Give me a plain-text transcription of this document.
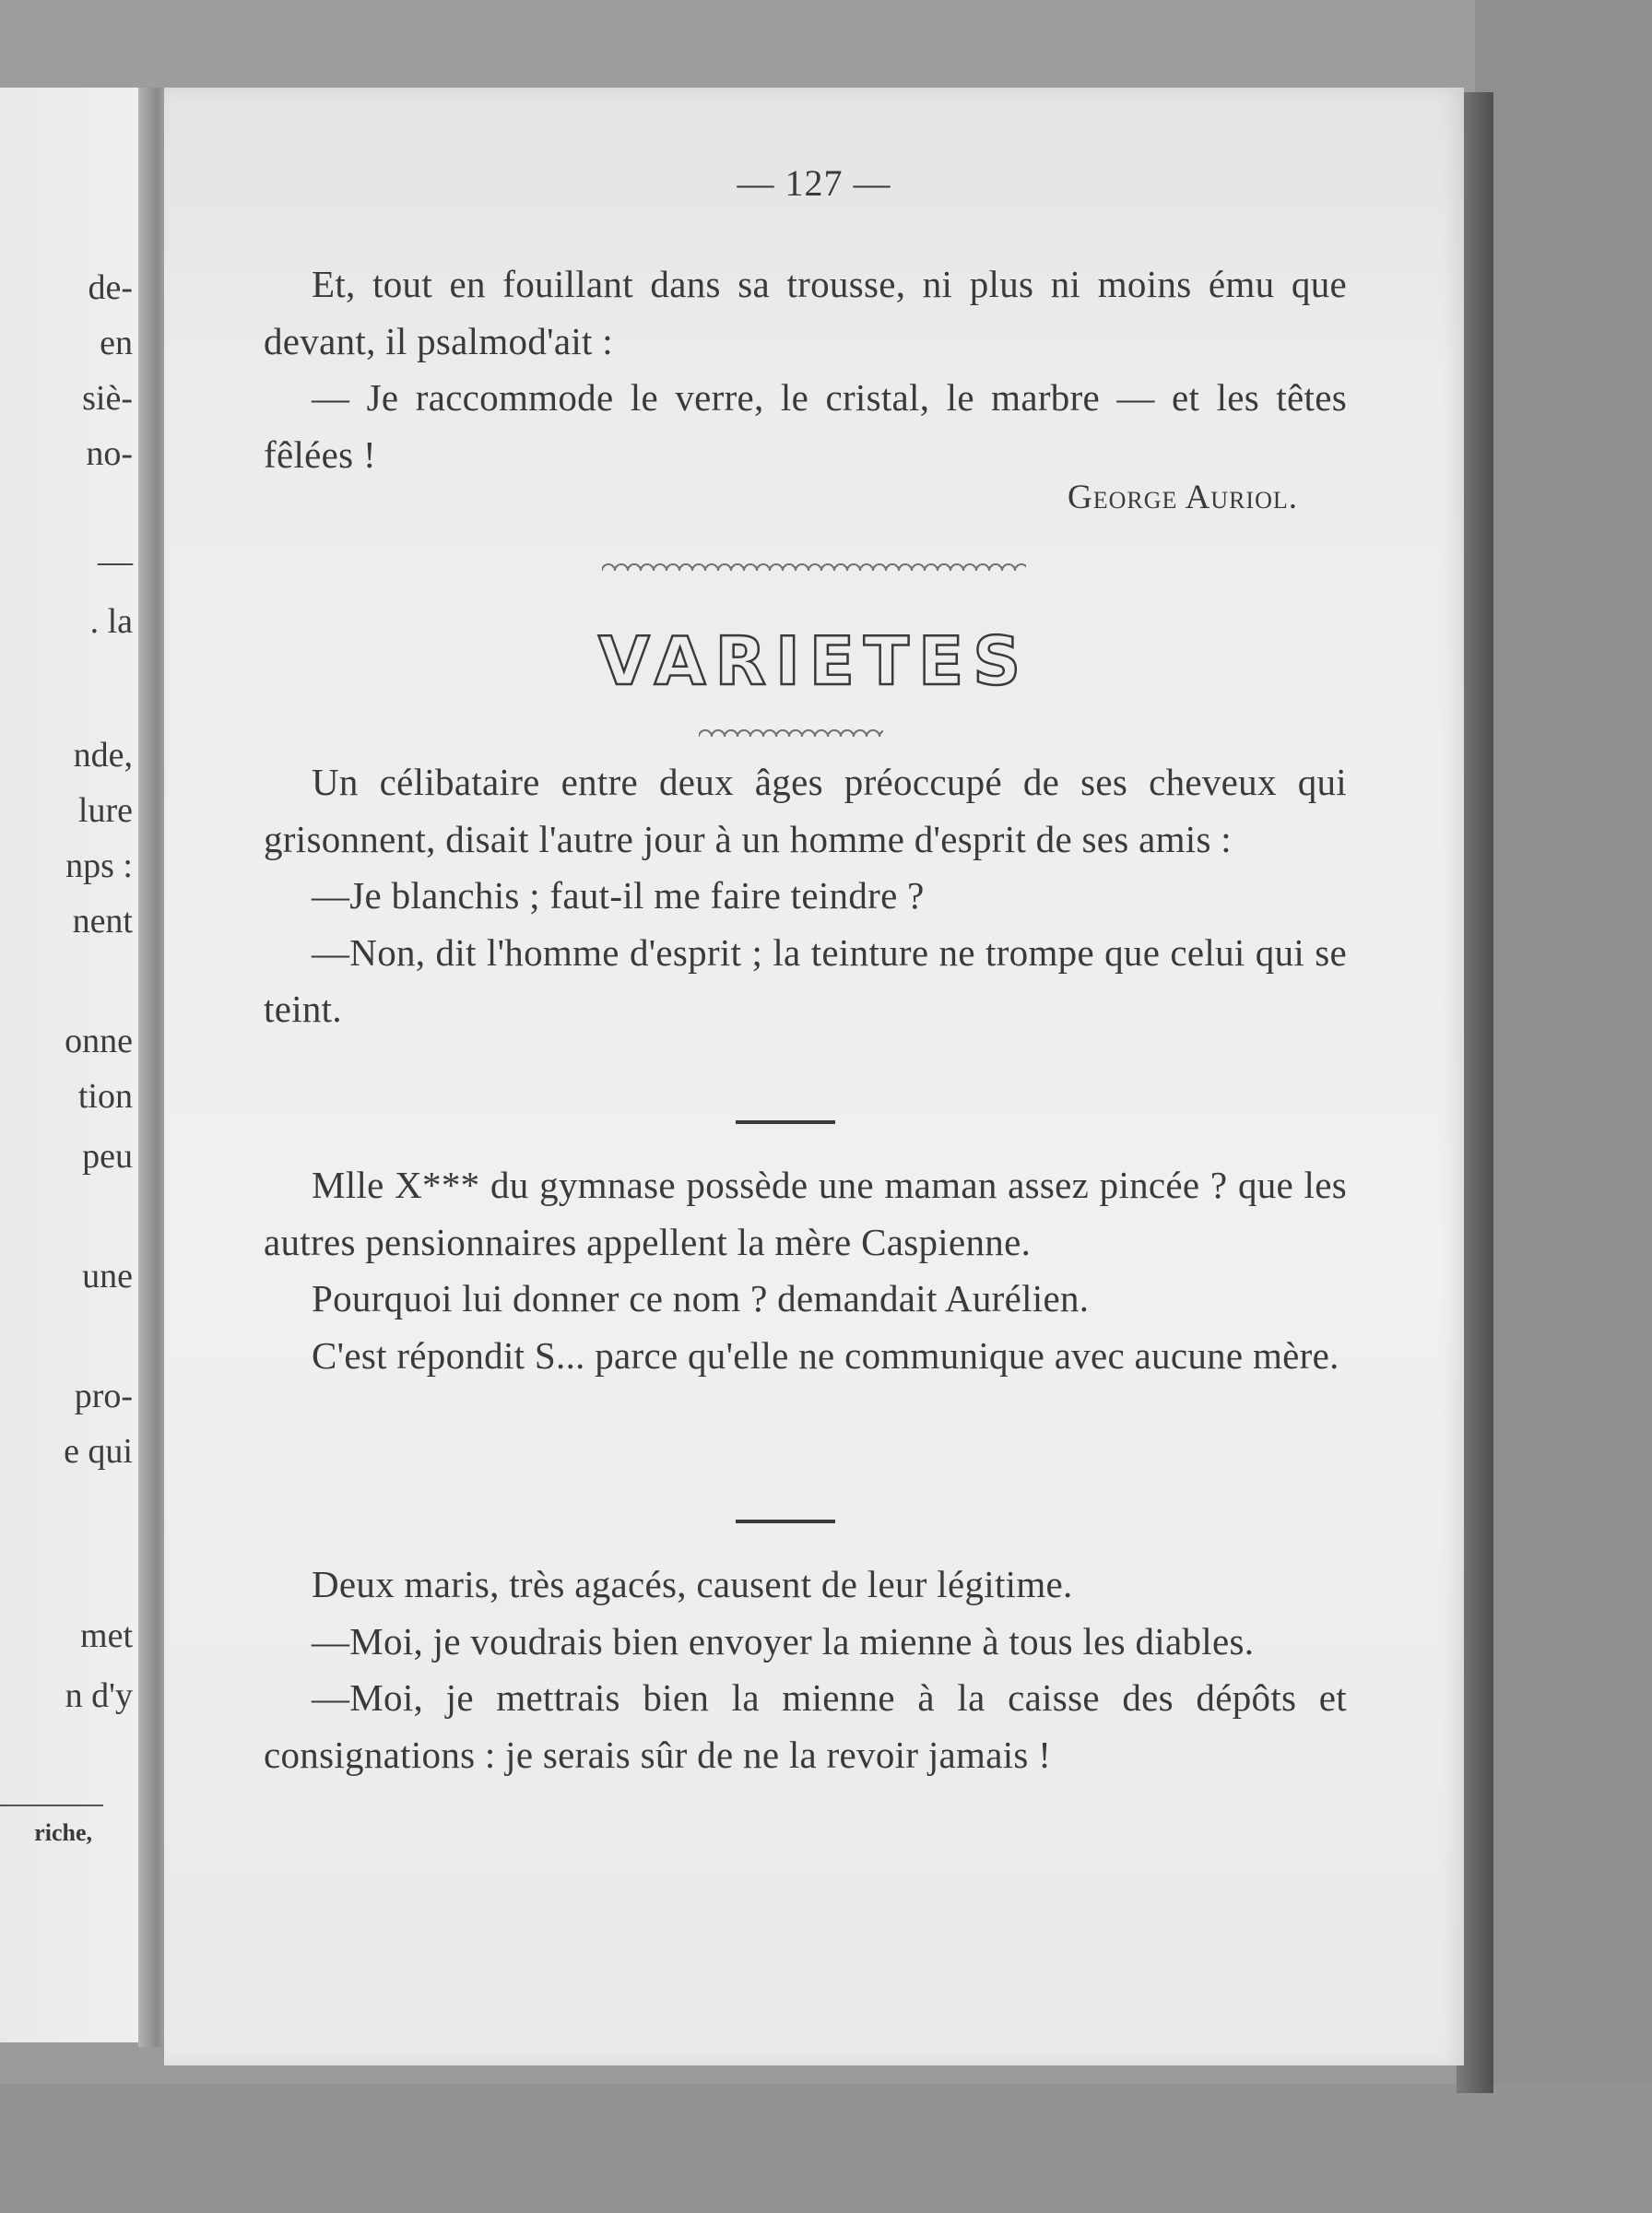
de-
en
siè-
no-
—
. la
nde,
lure
nps :
nent
onne
tion
peu
une
pro-
e qui
met
n d'y
riche,
— 127 —

Et, tout en fouillant dans sa trousse, ni plus ni moins ému que devant, il psalmod'ait :

— Je raccommode le verre, le cristal, le marbre — et les têtes fêlées !

George Auriol.
VARIETES

Un célibataire entre deux âges préoccupé de ses cheveux qui grisonnent, disait l'autre jour à un homme d'esprit de ses amis :

—Je blanchis ; faut-il me faire teindre ?

—Non, dit l'homme d'esprit ; la teinture ne trompe que celui qui se teint.

Mlle X*** du gymnase possède une maman assez pincée ? que les autres pensionnaires appellent la mère Caspienne.

Pourquoi lui donner ce nom ? demandait Aurélien.

C'est répondit S... parce qu'elle ne communique avec aucune mère.

Deux maris, très agacés, causent de leur légitime.

—Moi, je voudrais bien envoyer la mienne à tous les diables.

—Moi, je mettrais bien la mienne à la caisse des dépôts et consignations : je serais sûr de ne la revoir jamais !
